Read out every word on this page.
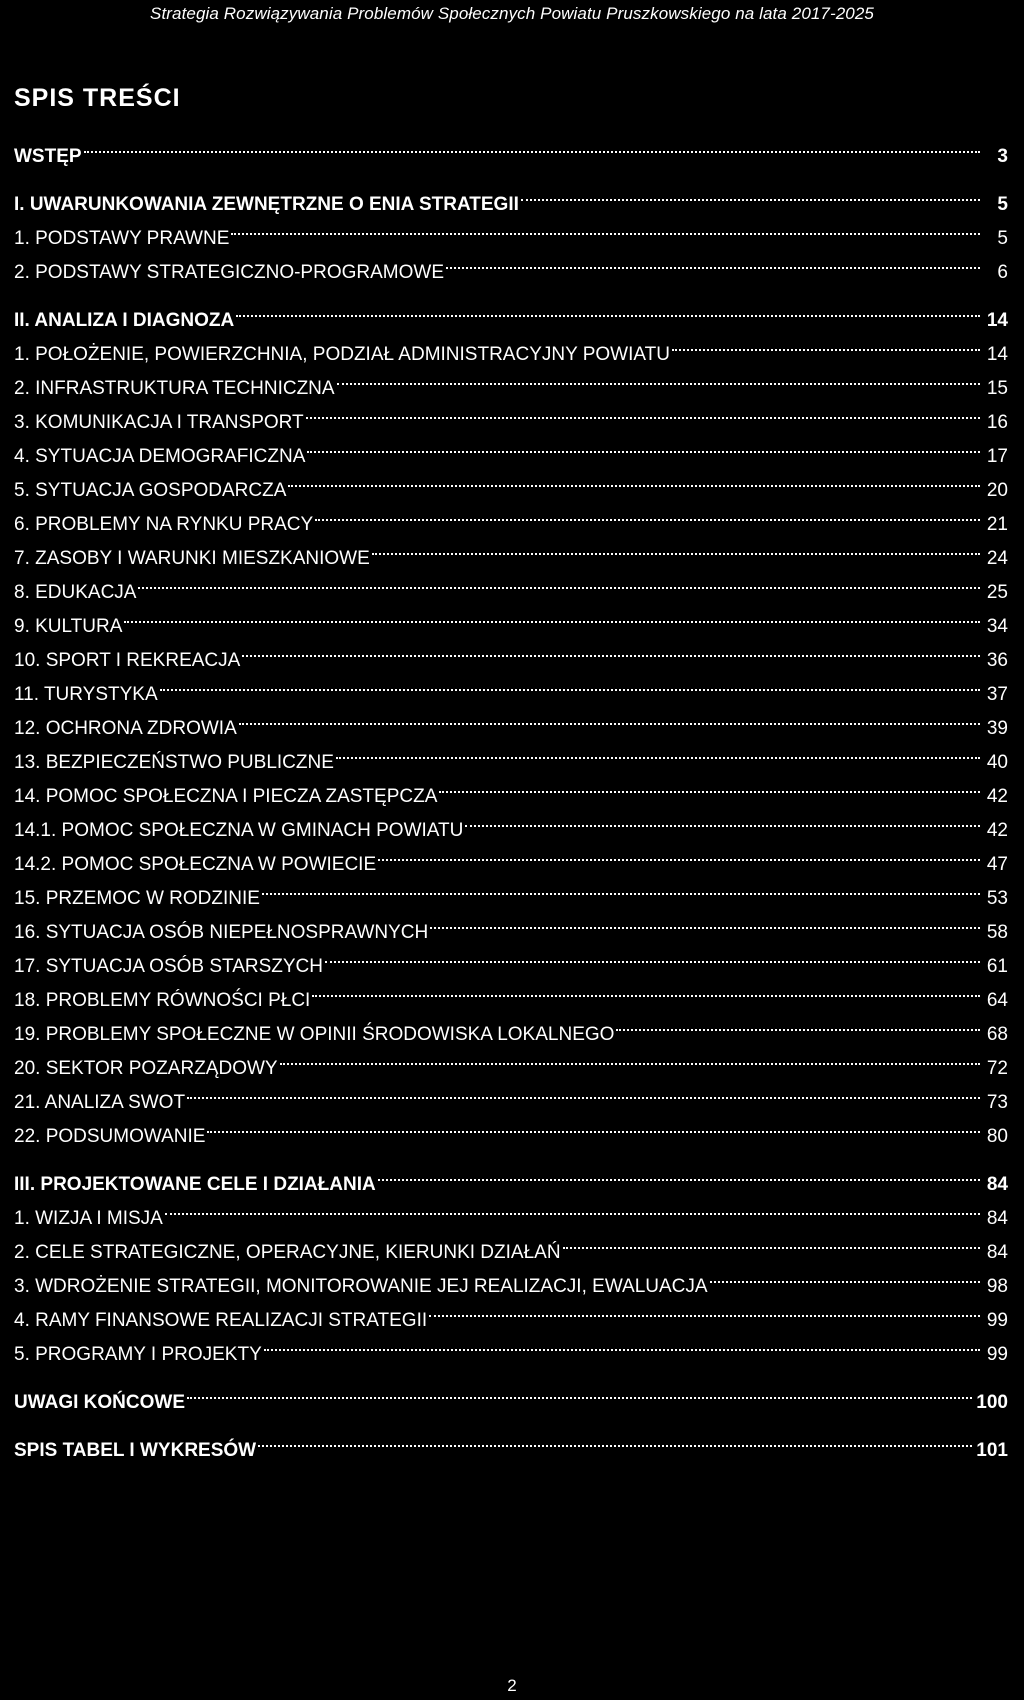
Strategia Rozwiązywania Problemów Społecznych Powiatu Pruszkowskiego na lata 2017-2025
SPIS TREŚCI
WSTĘP	3
I. UWARUNKOWANIA ZEWNĘTRZNE O ENIA STRATEGII	5
1. PODSTAWY PRAWNE	5
2. PODSTAWY STRATEGICZNO-PROGRAMOWE	6
II. ANALIZA I DIAGNOZA	14
1. POŁOŻENIE, POWIERZCHNIA, PODZIAŁ ADMINISTRACYJNY POWIATU	14
2. INFRASTRUKTURA TECHNICZNA	15
3. KOMUNIKACJA I TRANSPORT	16
4. SYTUACJA DEMOGRAFICZNA	17
5. SYTUACJA GOSPODARCZA	20
6. PROBLEMY NA RYNKU PRACY	21
7. ZASOBY I WARUNKI MIESZKANIOWE	24
8. EDUKACJA	25
9. KULTURA	34
10. SPORT I REKREACJA	36
11. TURYSTYKA	37
12. OCHRONA ZDROWIA	39
13. BEZPIECZEŃSTWO PUBLICZNE	40
14. POMOC SPOŁECZNA I PIECZA ZASTĘPCZA	42
14.1. POMOC SPOŁECZNA W GMINACH POWIATU	42
14.2. POMOC SPOŁECZNA W POWIECIE	47
15. PRZEMOC W RODZINIE	53
16. SYTUACJA OSÓB NIEPEŁNOSPRAWNYCH	58
17. SYTUACJA OSÓB STARSZYCH	61
18. PROBLEMY RÓWNOŚCI PŁCI	64
19. PROBLEMY SPOŁECZNE W OPINII ŚRODOWISKA LOKALNEGO	68
20. SEKTOR POZARZĄDOWY	72
21. ANALIZA SWOT	73
22. PODSUMOWANIE	80
III. PROJEKTOWANE CELE I DZIAŁANIA	84
1. WIZJA I MISJA	84
2. CELE STRATEGICZNE, OPERACYJNE, KIERUNKI DZIAŁAŃ	84
3. WDROŻENIE STRATEGII, MONITOROWANIE JEJ REALIZACJI, EWALUACJA	98
4. RAMY FINANSOWE REALIZACJI STRATEGII	99
5. PROGRAMY I PROJEKTY	99
UWAGI KOŃCOWE	100
SPIS TABEL I WYKRESÓW	101
2
